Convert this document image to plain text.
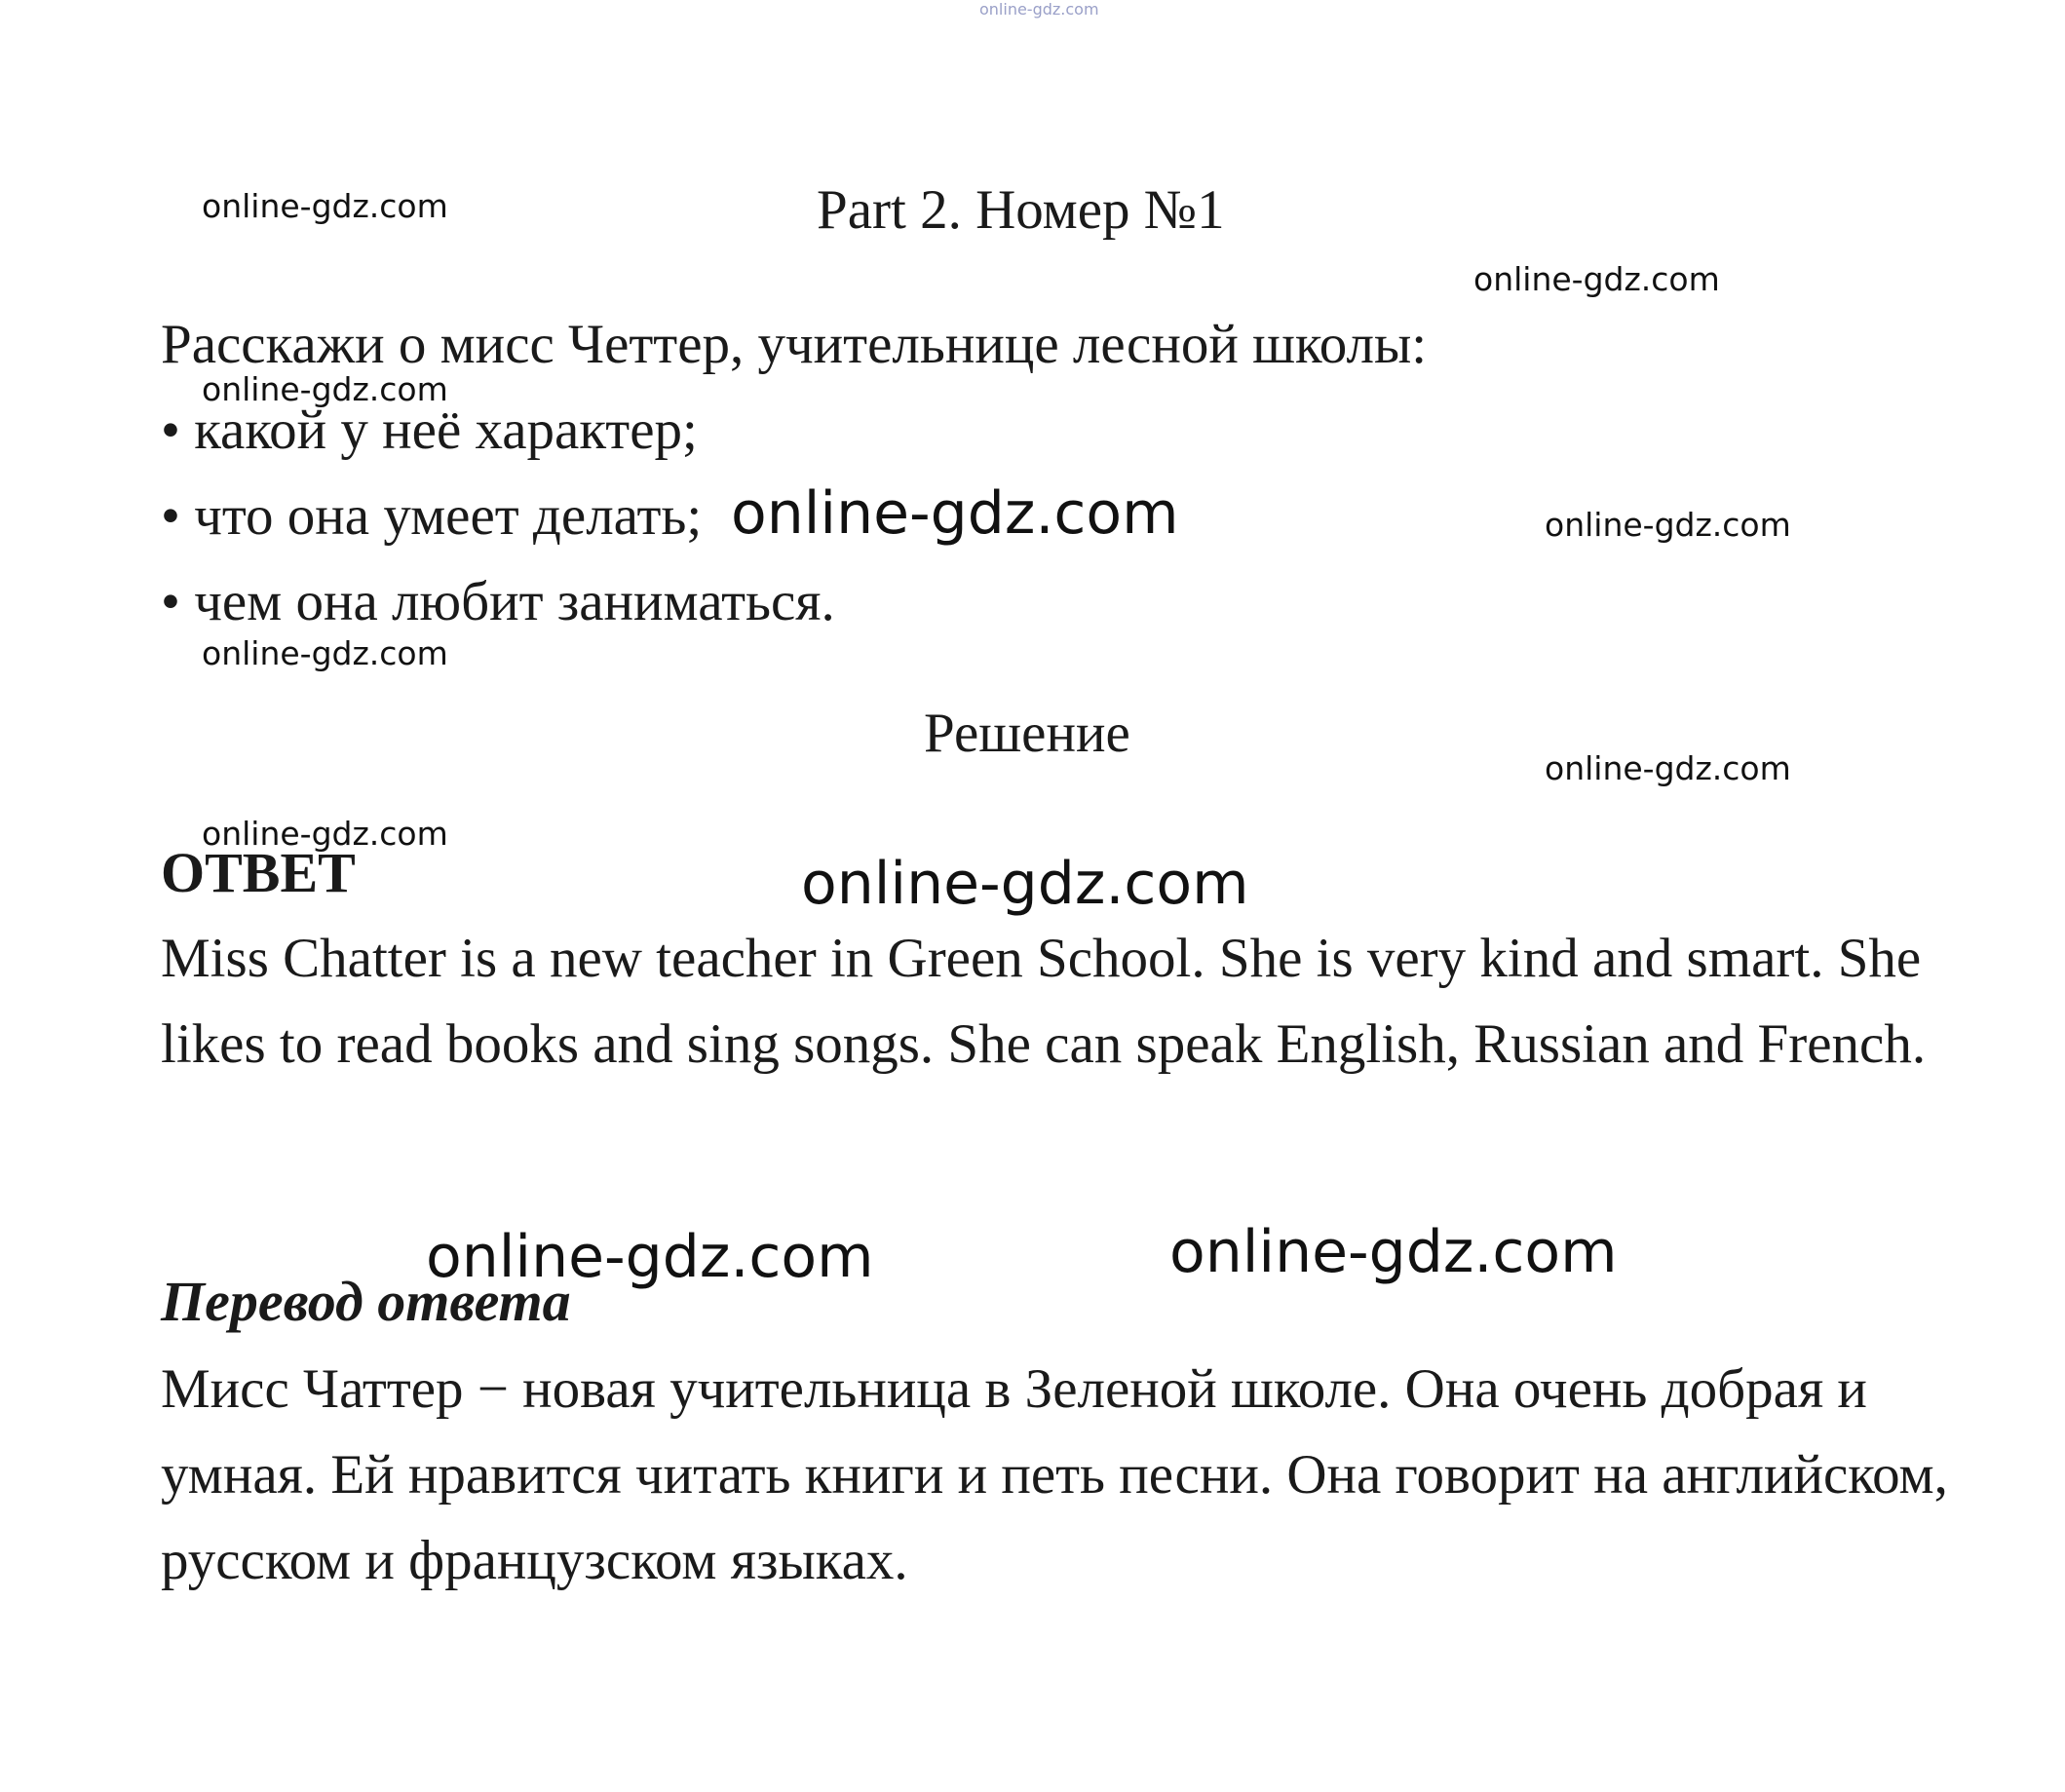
online-gdz.com
Part 2. Номер №1
Расскажи о мисс Четтер, учительнице лесной школы:
• какой у неё характер;
• что она умеет делать;
• чем она любит заниматься.
Решение
ОТВЕТ
Miss Chatter is a new teacher in Green School. She is very kind and smart. She likes to read books and sing songs. She can speak English, Russian and French.
Перевод ответа
Мисс Чаттер − новая учительница в Зеленой школе. Она очень добрая и умная. Ей нравится читать книги и петь песни. Она говорит на английском, русском и французском языках.
online-gdz.com
online-gdz.com
online-gdz.com
online-gdz.com
online-gdz.com
online-gdz.com
online-gdz.com
online-gdz.com
online-gdz.com
online-gdz.com	online-gdz.com
